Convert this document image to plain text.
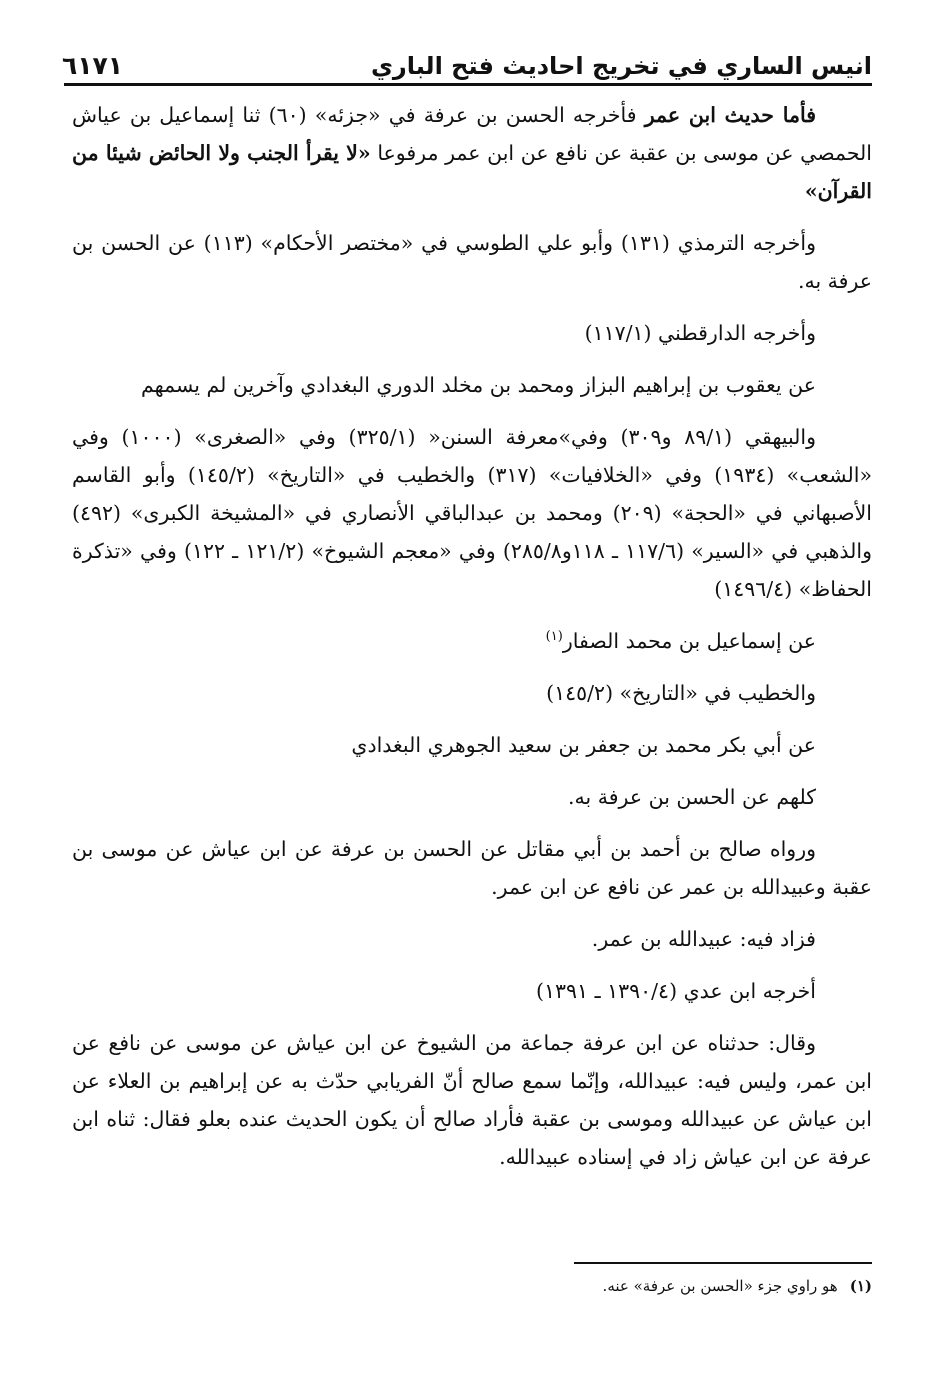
انيس الساري في تخريج احاديث فتح الباري
٦١٧١

فأما حديث ابن عمر فأخرجه الحسن بن عرفة في «جزئه» (٦٠) ثنا إسماعيل بن عياش الحمصي عن موسى بن عقبة عن نافع عن ابن عمر مرفوعا «لا يقرأ الجنب ولا الحائض شيئا من القرآن»

وأخرجه الترمذي (١٣١) وأبو علي الطوسي في «مختصر الأحكام» (١١٣) عن الحسن بن عرفة به.

وأخرجه الدارقطني (١١٧/١)

عن يعقوب بن إبراهيم البزاز ومحمد بن مخلد الدوري البغدادي وآخرين لم يسمهم

والبيهقي (٨٩/١ و٣٠٩) وفي»معرفة السنن« (٣٢٥/١) وفي «الصغرى» (١٠٠٠) وفي «الشعب» (١٩٣٤) وفي «الخلافيات» (٣١٧) والخطيب في «التاريخ» (١٤٥/٢) وأبو القاسم الأصبهاني في «الحجة» (٢٠٩) ومحمد بن عبدالباقي الأنصاري في «المشيخة الكبرى» (٤٩٢) والذهبي في «السير» (١١٧/٦ ـ ١١٨و٢٨٥/٨) وفي «معجم الشيوخ» (١٢١/٢ ـ ١٢٢) وفي «تذكرة الحفاظ» (١٤٩٦/٤)

عن إسماعيل بن محمد الصفار$^{(١)}$

والخطيب في «التاريخ» (١٤٥/٢)

عن أبي بكر محمد بن جعفر بن سعيد الجوهري البغدادي

كلهم عن الحسن بن عرفة به.

ورواه صالح بن أحمد بن أبي مقاتل عن الحسن بن عرفة عن ابن عياش عن موسى بن عقبة وعبيدالله بن عمر عن نافع عن ابن عمر.

فزاد فيه: عبيدالله بن عمر.

أخرجه ابن عدي (١٣٩٠/٤ ـ ١٣٩١)

وقال: حدثناه عن ابن عرفة جماعة من الشيوخ عن ابن عياش عن موسى عن نافع عن ابن عمر، وليس فيه: عبيدالله، وإنّما سمع صالح أنّ الفريابي حدّث به عن إبراهيم بن العلاء عن ابن عياش عن عبيدالله وموسى بن عقبة فأراد صالح أن يكون الحديث عنده بعلو فقال: ثناه ابن عرفة عن ابن عياش زاد في إسناده عبيدالله.

(١)
هو راوي جزء «الحسن بن عرفة» عنه.
